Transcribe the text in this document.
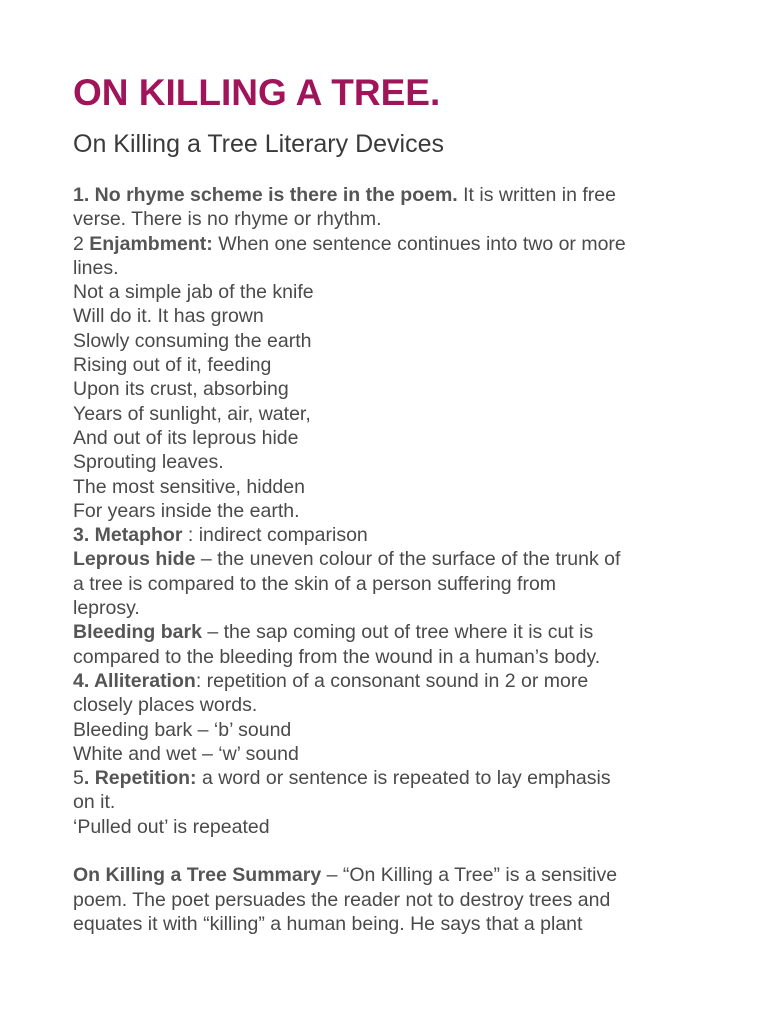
ON KILLING A TREE.
On Killing a Tree Literary Devices
1. No rhyme scheme is there in the poem. It is written in free
verse. There is no rhyme or rhythm.
2 Enjambment: When one sentence continues into two or more
lines.
Not a simple jab of the knife
Will do it. It has grown
Slowly consuming the earth
Rising out of it, feeding
Upon its crust, absorbing
Years of sunlight, air, water,
And out of its leprous hide
Sprouting leaves.
The most sensitive, hidden
For years inside the earth.
3. Metaphor : indirect comparison
Leprous hide – the uneven colour of the surface of the trunk of
a tree is compared to the skin of a person suffering from
leprosy.
Bleeding bark – the sap coming out of tree where it is cut is
compared to the bleeding from the wound in a human’s body.
4. Alliteration: repetition of a consonant sound in 2 or more
closely places words.
Bleeding bark – ‘b’ sound
White and wet – ‘w’ sound
5. Repetition: a word or sentence is repeated to lay emphasis
on it.
‘Pulled out’ is repeated
On Killing a Tree Summary – “On Killing a Tree” is a sensitive
poem. The poet persuades the reader not to destroy trees and
equates it with “killing” a human being. He says that a plant
